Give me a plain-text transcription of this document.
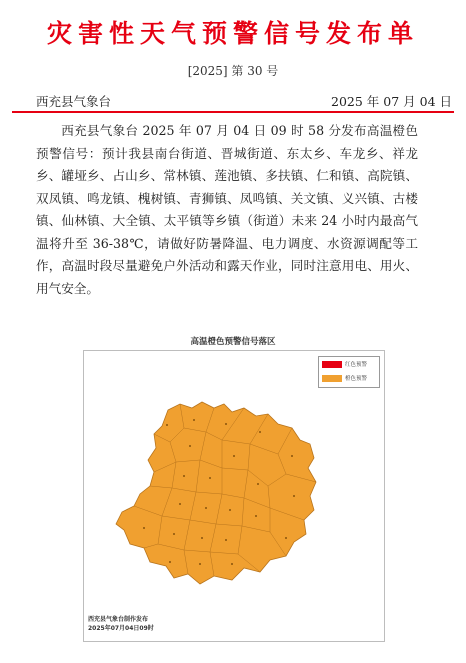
灾害性天气预警信号发布单
[2025] 第 30 号
西充县气象台	2025 年 07 月 04 日
西充县气象台 2025 年 07 月 04 日 09 时 58 分发布高温橙色预警信号：预计我县南台街道、晋城街道、东太乡、车龙乡、祥龙乡、罐垭乡、占山乡、常林镇、莲池镇、多扶镇、仁和镇、高院镇、双凤镇、鸣龙镇、槐树镇、青狮镇、凤鸣镇、关文镇、义兴镇、古楼镇、仙林镇、大全镇、太平镇等乡镇（街道）未来 24 小时内最高气温将升至 36-38℃，请做好防暑降温、电力调度、水资源调配等工作，高温时段尽量避免户外活动和露天作业，同时注意用电、用火、用气安全。
高温橙色预警信号落区
红色预警
橙色预警
西充县气象台制作发布
2025年07月04日09时
